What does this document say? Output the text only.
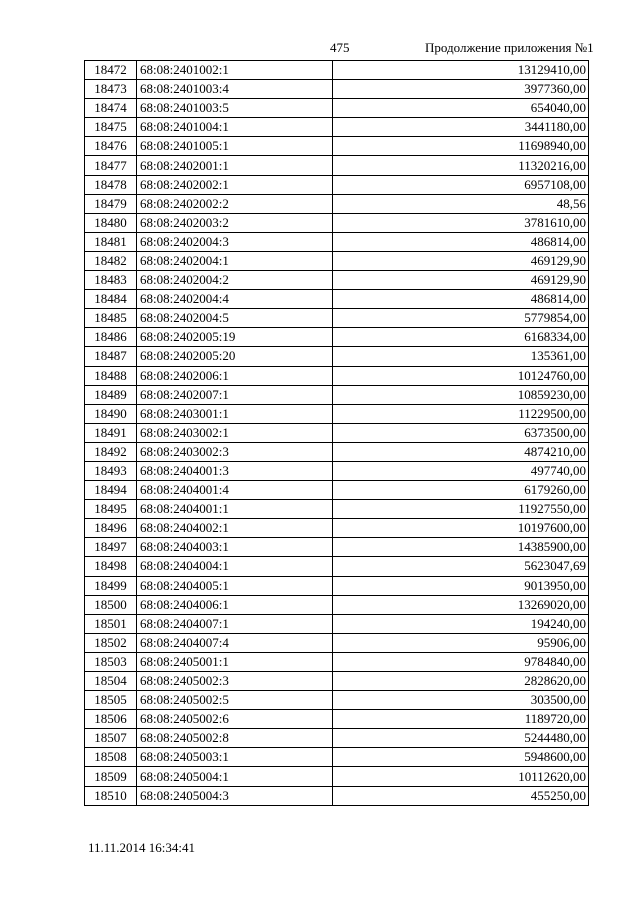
475	Продолжение приложения №1
18472	68:08:2401002:1	13129410,00
18473	68:08:2401003:4	3977360,00
18474	68:08:2401003:5	654040,00
18475	68:08:2401004:1	3441180,00
18476	68:08:2401005:1	11698940,00
18477	68:08:2402001:1	11320216,00
18478	68:08:2402002:1	6957108,00
18479	68:08:2402002:2	48,56
18480	68:08:2402003:2	3781610,00
18481	68:08:2402004:3	486814,00
18482	68:08:2402004:1	469129,90
18483	68:08:2402004:2	469129,90
18484	68:08:2402004:4	486814,00
18485	68:08:2402004:5	5779854,00
18486	68:08:2402005:19	6168334,00
18487	68:08:2402005:20	135361,00
18488	68:08:2402006:1	10124760,00
18489	68:08:2402007:1	10859230,00
18490	68:08:2403001:1	11229500,00
18491	68:08:2403002:1	6373500,00
18492	68:08:2403002:3	4874210,00
18493	68:08:2404001:3	497740,00
18494	68:08:2404001:4	6179260,00
18495	68:08:2404001:1	11927550,00
18496	68:08:2404002:1	10197600,00
18497	68:08:2404003:1	14385900,00
18498	68:08:2404004:1	5623047,69
18499	68:08:2404005:1	9013950,00
18500	68:08:2404006:1	13269020,00
18501	68:08:2404007:1	194240,00
18502	68:08:2404007:4	95906,00
18503	68:08:2405001:1	9784840,00
18504	68:08:2405002:3	2828620,00
18505	68:08:2405002:5	303500,00
18506	68:08:2405002:6	1189720,00
18507	68:08:2405002:8	5244480,00
18508	68:08:2405003:1	5948600,00
18509	68:08:2405004:1	10112620,00
18510	68:08:2405004:3	455250,00
11.11.2014 16:34:41
